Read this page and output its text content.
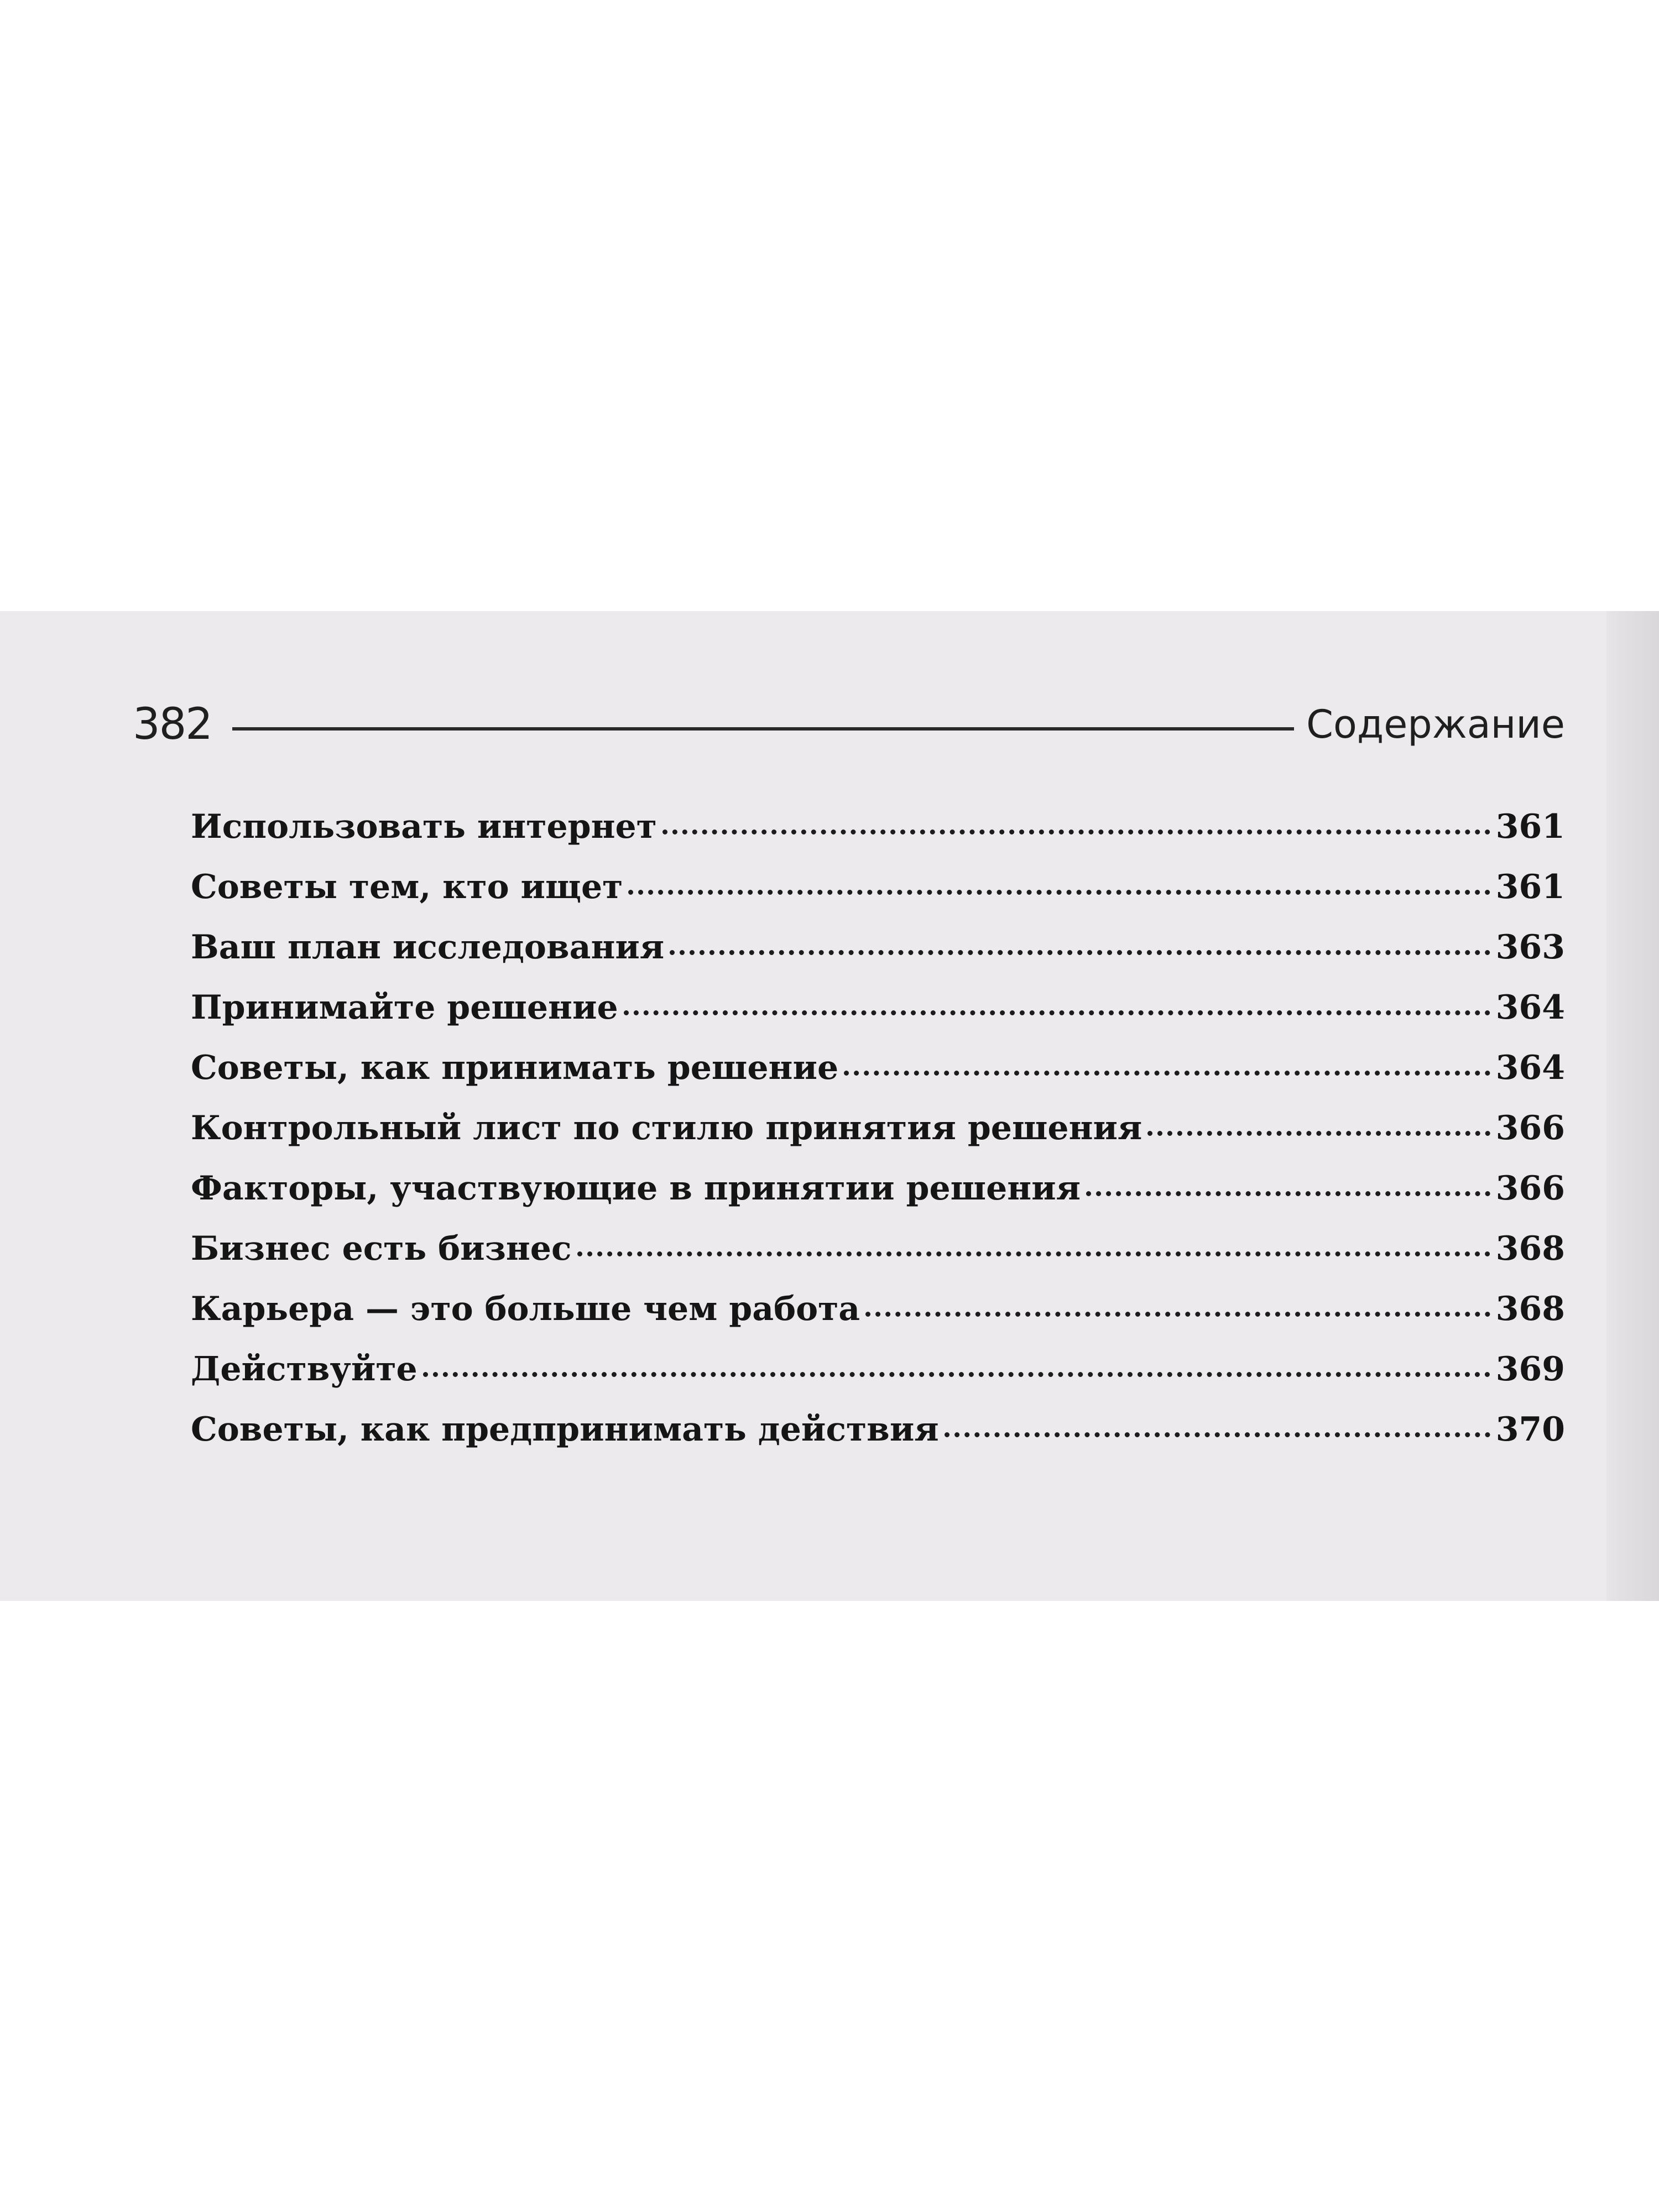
382	Содержание
Использовать интернет	361
Советы тем, кто ищет	361
Ваш план исследования	363
Принимайте решение	364
Советы, как принимать решение	364
Контрольный лист по стилю принятия решения	366
Факторы, участвующие в принятии решения	366
Бизнес есть бизнес	368
Карьера — это больше чем работа	368
Действуйте	369
Советы, как предпринимать действия	370
